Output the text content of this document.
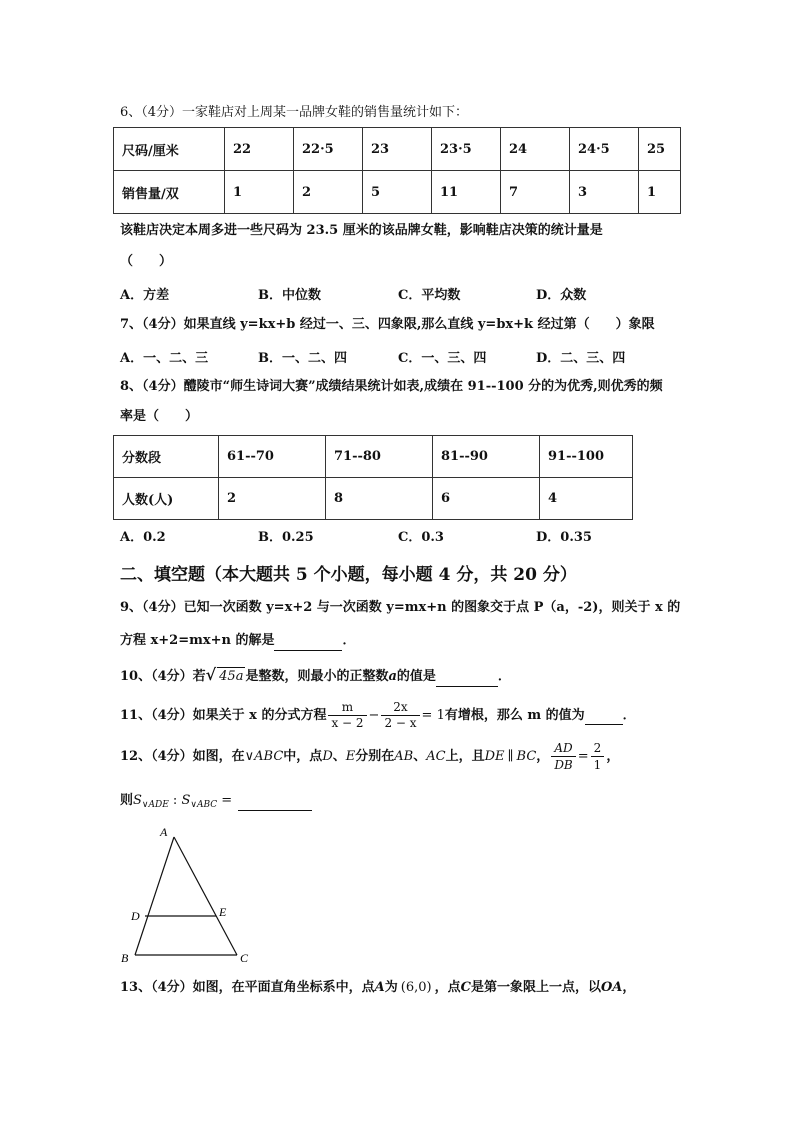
6、（4分）一家鞋店对上周某一品牌女鞋的销售量统计如下：
尺码/厘米	22	22·5	23	23·5	24	24·5	25
销售量/双	1	2	5	11	7	3	1
该鞋店决定本周多进一些尺码为 23.5 厘米的该品牌女鞋，影响鞋店决策的统计量是
（　　）
A．方差	B．中位数	C．平均数	D．众数
7、（4分）如果直线 y=kx+b 经过一、三、四象限,那么直线 y=bx+k 经过第（　　）象限
A．一、二、三	B．一、二、四	C．一、三、四	D．二、三、四
8、（4分）醴陵市“师生诗词大赛”成绩结果统计如表,成绩在 91--100 分的为优秀,则优秀的频
率是（　　）
分数段	61--70	71--80	81--90	91--100
人数(人)	2	8	6	4
A．0.2	B．0.25	C．0.3	D．0.35
二、填空题（本大题共 5 个小题，每小题 4 分，共 20 分）
9、（4分）已知一次函数 y=x+2 与一次函数 y=mx+n 的图象交于点 P（a，-2)，则关于 x 的
方程 x+2=mx+n 的解是	．
10、（4分）若√ 45a 是整数，则最小的正整数a的值是	．
11、（4分）如果关于 x 的分式方程 $\frac{m}{x - 2} - \frac{2x}{2 - x} = 1$有增根，那么 m 的值为	．
12、（4分）如图，在∨ABC中，点D、E分别在AB、AC上，且DE ∥ BC， $\frac{AD}{DB} = \frac{2}{1}$ ，
则$S_{\vee ADE}$ : $S_{\vee ABC}$ =
A
D	E
B	C
13、（4分）如图，在平面直角坐标系中，点A为 (6,0) ，点C是第一象限上一点，以OA，
